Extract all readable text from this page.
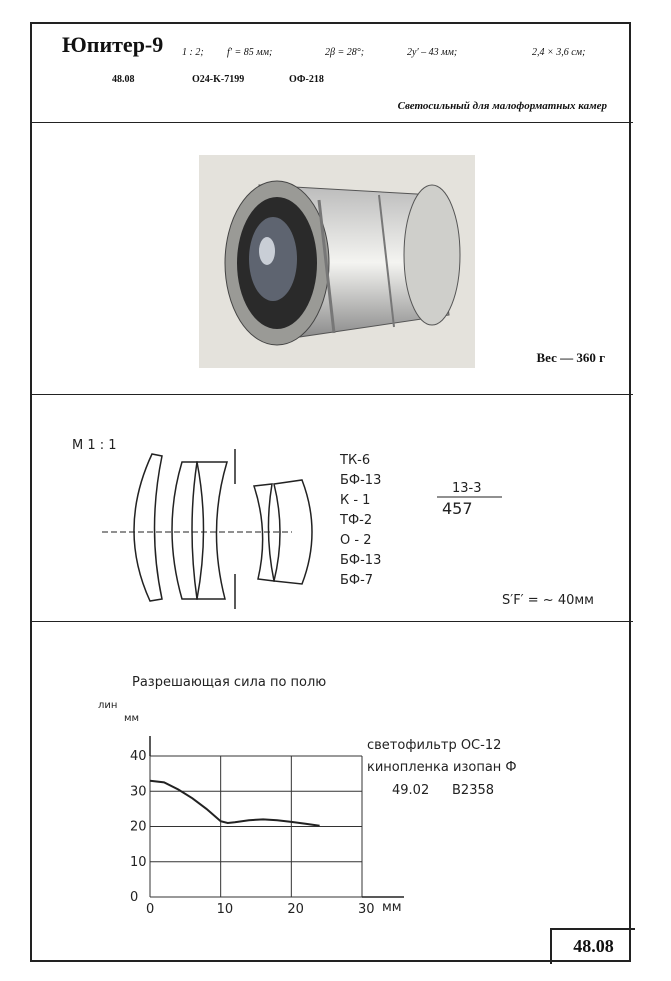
Юпитер-9 1 : 2; f′ = 85 мм;	2β = 28°;	2y′ – 43 мм;	2,4 × 3,6 см;
48.08	O24-K-7199	ОФ-218
Светосильный для малоформатных камер
Вес — 360 г
М 1 : 1
ТК-6
БФ-13
К - 1
ТФ-2
О - 2
БФ-13
БФ-7
13-3
457
S′F′ = ~ 40мм
Разрешающая сила по полю
лин
мм
мм
светофильтр ОС-12
кинопленка изопан Ф
49.02 B2358
0	10	20	30
0
10
20
30
40
48.08
